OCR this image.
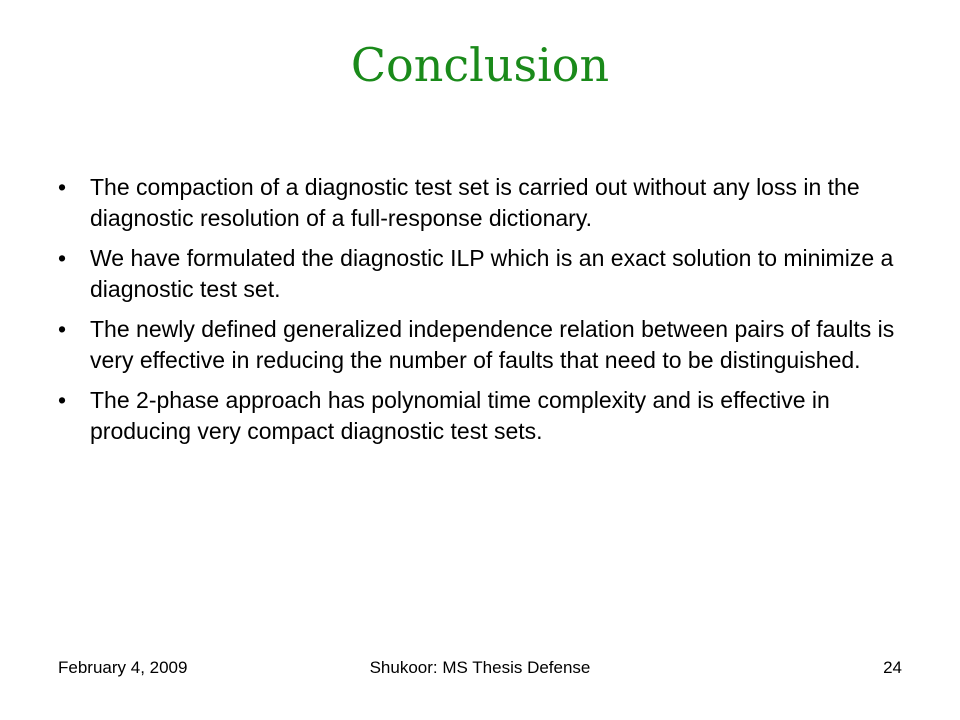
Conclusion
• The compaction of a diagnostic test set is carried out without any loss in the diagnostic resolution of a full-response dictionary.
• We have formulated the diagnostic ILP which is an exact solution to minimize a diagnostic test set.
• The newly defined generalized independence relation between pairs of faults is very effective in reducing the number of faults that need to be distinguished.
• The 2-phase approach has polynomial time complexity and is effective in producing very compact diagnostic test sets.
February 4, 2009	Shukoor: MS Thesis Defense	24
